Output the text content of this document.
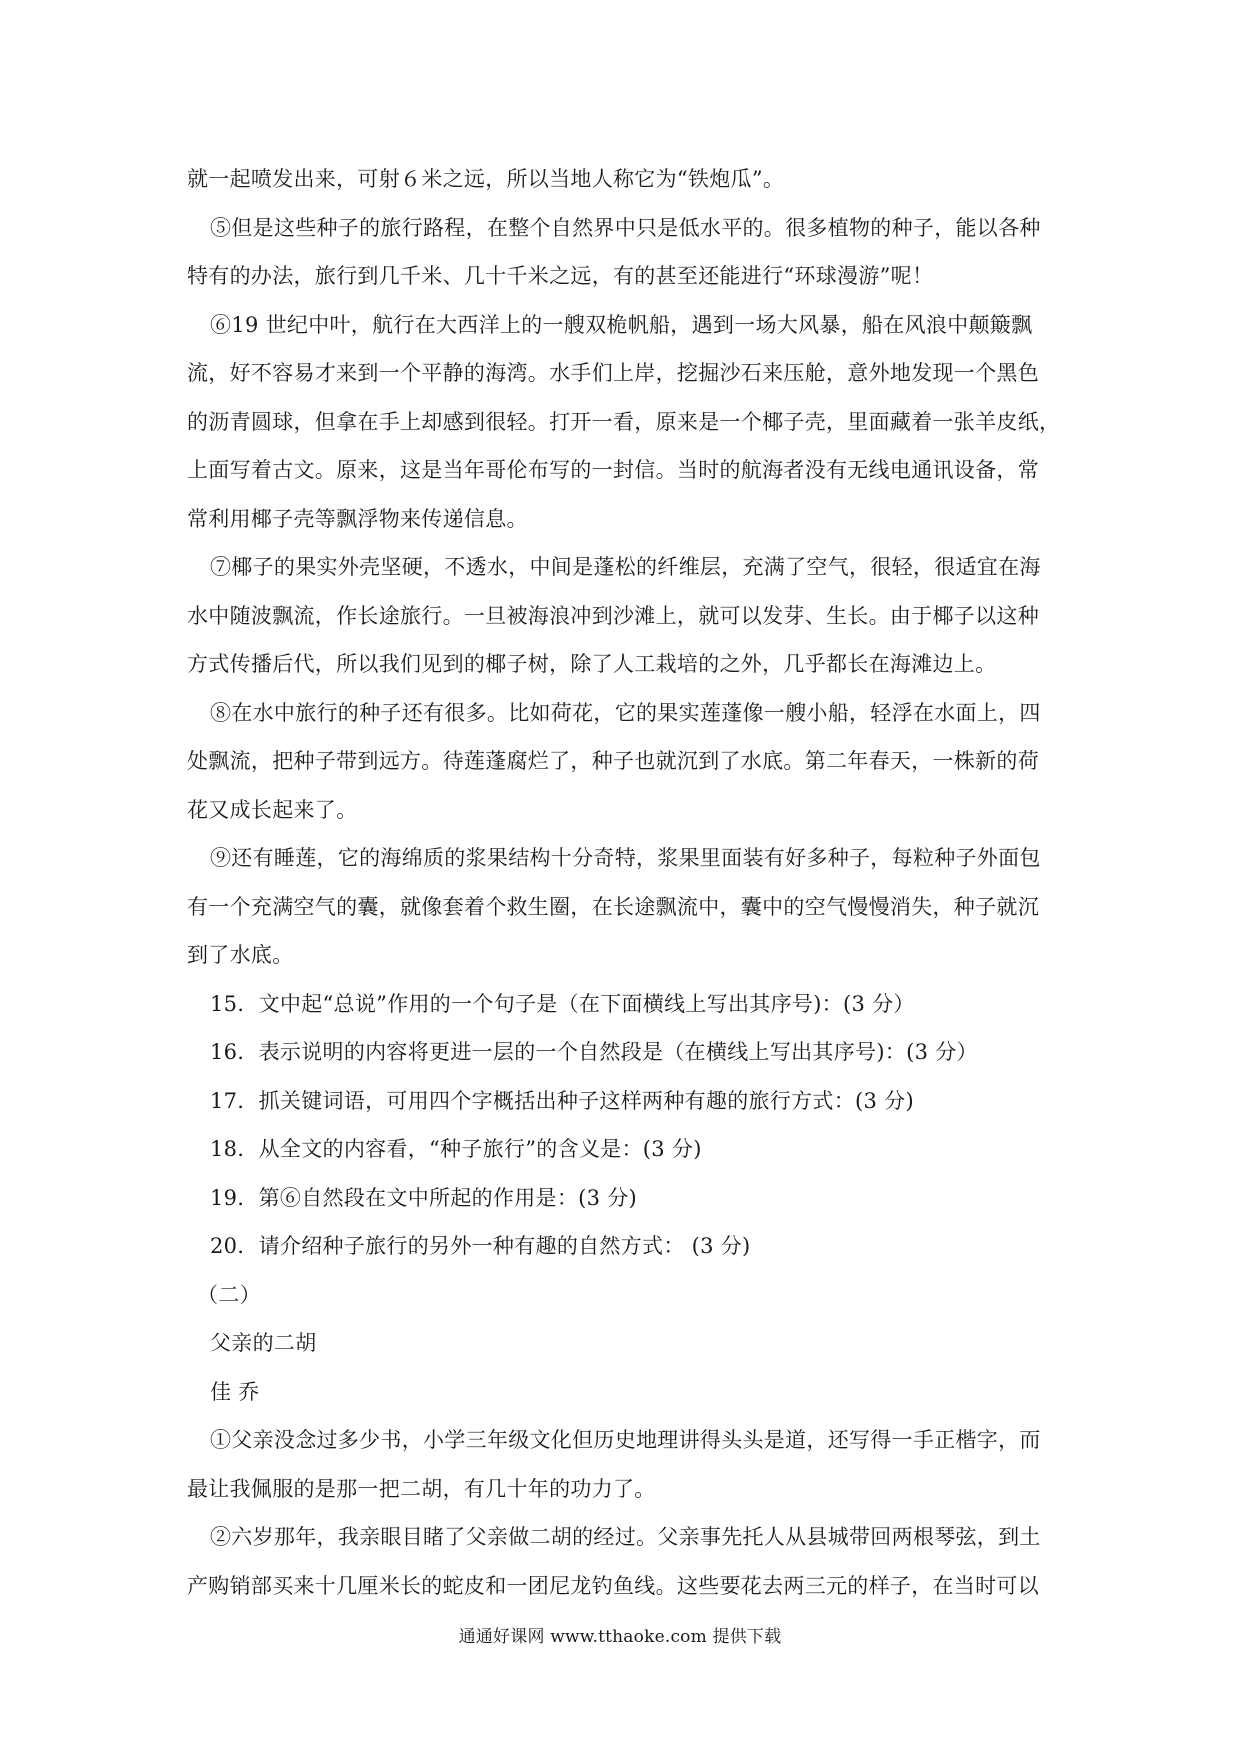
就一起喷发出来，可射６米之远，所以当地人称它为“铁炮瓜”。
⑤但是这些种子的旅行路程，在整个自然界中只是低水平的。很多植物的种子，能以各种
特有的办法，旅行到几千米、几十千米之远，有的甚至还能进行“环球漫游”呢！
⑥19 世纪中叶，航行在大西洋上的一艘双桅帆船，遇到一场大风暴，船在风浪中颠簸飘
流，好不容易才来到一个平静的海湾。水手们上岸，挖掘沙石来压舱，意外地发现一个黑色
的沥青圆球，但拿在手上却感到很轻。打开一看，原来是一个椰子壳，里面藏着一张羊皮纸，
上面写着古文。原来，这是当年哥伦布写的一封信。当时的航海者没有无线电通讯设备，常
常利用椰子壳等飘浮物来传递信息。
⑦椰子的果实外壳坚硬，不透水，中间是蓬松的纤维层，充满了空气，很轻，很适宜在海
水中随波飘流，作长途旅行。一旦被海浪冲到沙滩上，就可以发芽、生长。由于椰子以这种
方式传播后代，所以我们见到的椰子树，除了人工栽培的之外，几乎都长在海滩边上。
⑧在水中旅行的种子还有很多。比如荷花，它的果实莲蓬像一艘小船，轻浮在水面上，四
处飘流，把种子带到远方。待莲蓬腐烂了，种子也就沉到了水底。第二年春天，一株新的荷
花又成长起来了。
⑨还有睡莲，它的海绵质的浆果结构十分奇特，浆果里面装有好多种子，每粒种子外面包
有一个充满空气的囊，就像套着个救生圈，在长途飘流中，囊中的空气慢慢消失，种子就沉
到了水底。
15．文中起“总说”作用的一个句子是（在下面横线上写出其序号)：(3 分）
16．表示说明的内容将更进一层的一个自然段是（在横线上写出其序号)：(3 分）
17．抓关键词语，可用四个字概括出种子这样两种有趣的旅行方式：(3 分)
18．从全文的内容看，“种子旅行”的含义是：(3 分)
19．第⑥自然段在文中所起的作用是：(3 分)
20．请介绍种子旅行的另外一种有趣的自然方式： (3 分)
（二）
父亲的二胡
佳 乔
①父亲没念过多少书，小学三年级文化但历史地理讲得头头是道，还写得一手正楷字，而
最让我佩服的是那一把二胡，有几十年的功力了。
②六岁那年，我亲眼目睹了父亲做二胡的经过。父亲事先托人从县城带回两根琴弦，到土
产购销部买来十几厘米长的蛇皮和一团尼龙钓鱼线。这些要花去两三元的样子，在当时可以
通通好课网 www.tthaoke.com 提供下载
